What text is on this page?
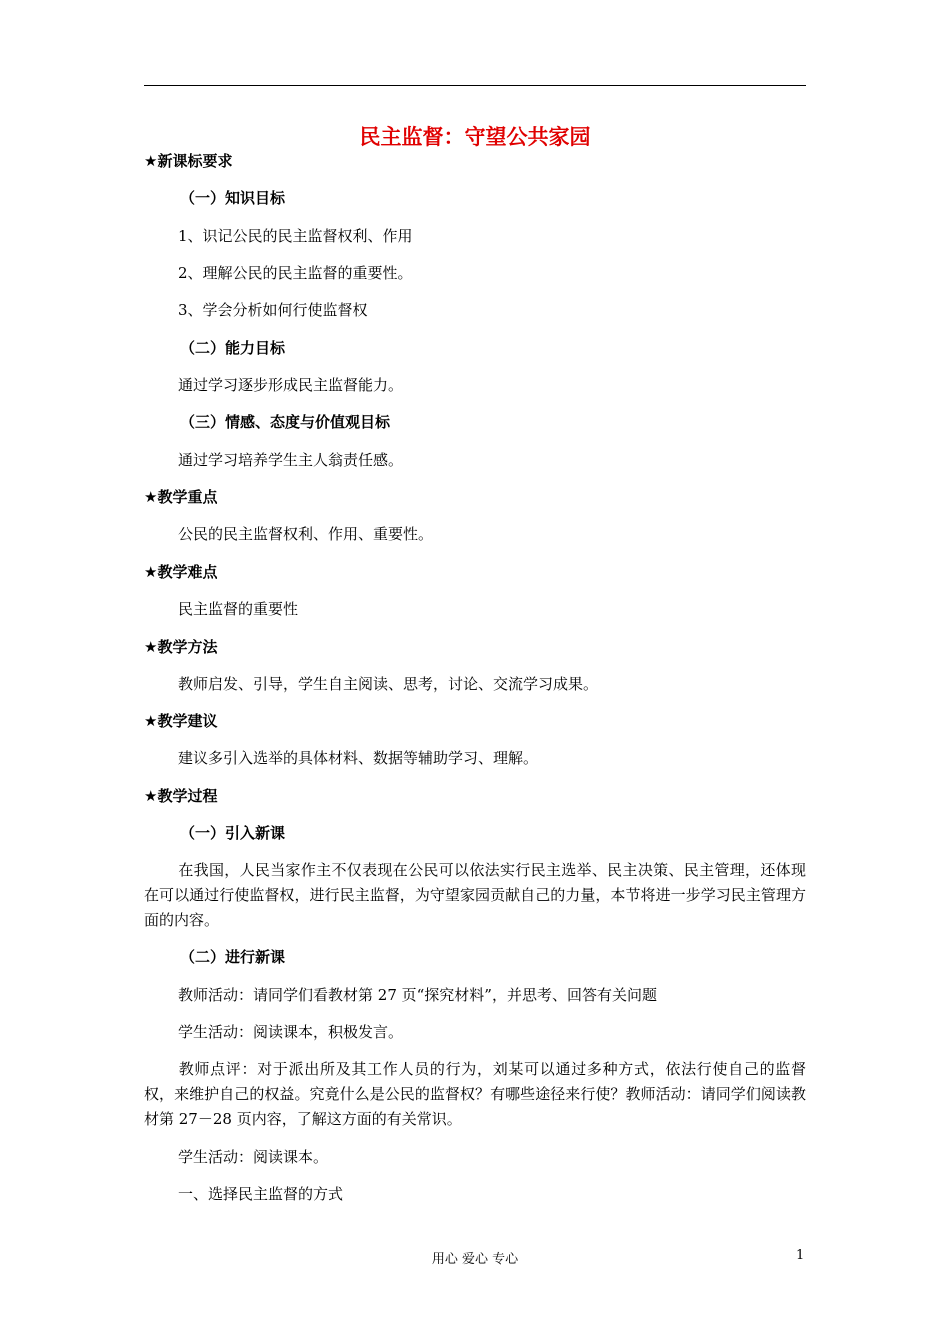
民主监督：守望公共家园
★新课标要求
（一）知识目标
1、识记公民的民主监督权利、作用
2、理解公民的民主监督的重要性。
3、学会分析如何行使监督权
（二）能力目标
通过学习逐步形成民主监督能力。
（三）情感、态度与价值观目标
通过学习培养学生主人翁责任感。
★教学重点
公民的民主监督权利、作用、重要性。
★教学难点
民主监督的重要性
★教学方法
教师启发、引导，学生自主阅读、思考，讨论、交流学习成果。
★教学建议
建议多引入选举的具体材料、数据等辅助学习、理解。
★教学过程
（一）引入新课
在我国，人民当家作主不仅表现在公民可以依法实行民主选举、民主决策、民主管理，还体现在可以通过行使监督权，进行民主监督，为守望家园贡献自己的力量，本节将进一步学习民主管理方面的内容。
（二）进行新课
教师活动：请同学们看教材第 27 页“探究材料”，并思考、回答有关问题
学生活动：阅读课本，积极发言。
教师点评：对于派出所及其工作人员的行为，刘某可以通过多种方式，依法行使自己的监督权，来维护自己的权益。究竟什么是公民的监督权？有哪些途径来行使？教师活动：请同学们阅读教材第 27－28 页内容，了解这方面的有关常识。
学生活动：阅读课本。
一、选择民主监督的方式
用心 爱心 专心	1
